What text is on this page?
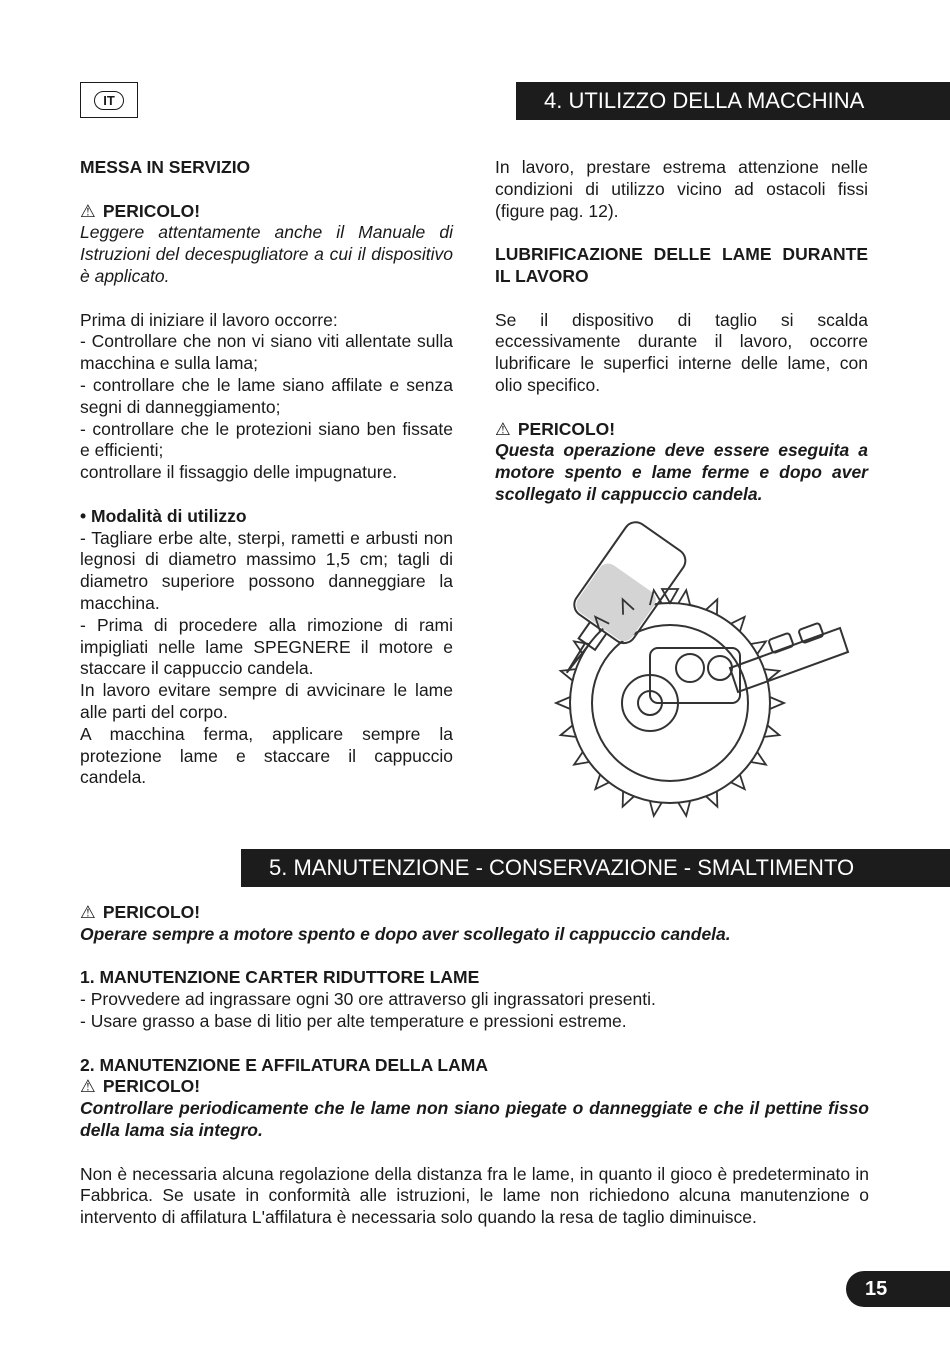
IT	4. UTILIZZO DELLA MACCHINA

MESSA IN SERVIZIO

⚠ PERICOLO!

Leggere attentamente anche il Manuale di Istruzioni del decespugliatore a cui il dispositivo è applicato.

Prima di iniziare il lavoro occorre:

- Controllare che non vi siano viti allentate sulla macchina e sulla lama;

- controllare che le lame siano affilate e senza segni di danneggiamento;

- controllare che le protezioni siano ben fissate e efficienti;

controllare il fissaggio delle impugnature.

• Modalità di utilizzo

- Tagliare erbe alte, sterpi, rametti e arbusti non legnosi di diametro massimo 1,5 cm; tagli di diametro superiore possono danneggiare la macchina.

- Prima di procedere alla rimozione di rami impigliati nelle lame SPEGNERE il motore e staccare il cappuccio candela.

In lavoro evitare sempre di avvicinare le lame alle parti del corpo.

A macchina ferma, applicare sempre la protezione lame e staccare il cappuccio candela.

In lavoro, prestare estrema attenzione nelle condizioni di utilizzo vicino ad ostacoli fissi (figure pag. 12).

LUBRIFICAZIONE DELLE LAME DURANTE IL LAVORO

Se il dispositivo di taglio si scalda eccessivamente durante il lavoro, occorre lubrificare le superfici interne delle lame, con olio specifico.

⚠ PERICOLO!

Questa operazione deve essere eseguita a motore spento e lame ferme e dopo aver scollegato il cappuccio candela.

5. MANUTENZIONE - CONSERVAZIONE - SMALTIMENTO

⚠ PERICOLO!

Operare sempre a motore spento e dopo aver scollegato il cappuccio candela.

1. MANUTENZIONE CARTER RIDUTTORE LAME

- Provvedere ad ingrassare ogni 30 ore attraverso gli ingrassatori presenti.

- Usare grasso a base di litio per alte temperature e pressioni estreme.

2. MANUTENZIONE E AFFILATURA DELLA LAMA

⚠ PERICOLO!

Controllare periodicamente che le lame non siano piegate o danneggiate e che il pettine fisso della lama sia integro.

Non è necessaria alcuna regolazione della distanza fra le lame, in quanto il gioco è predeterminato in Fabbrica. Se usate in conformità alle istruzioni, le lame non richiedono alcuna manutenzione o intervento di affilatura L'affilatura è necessaria solo quando la resa de taglio diminuisce.

15
